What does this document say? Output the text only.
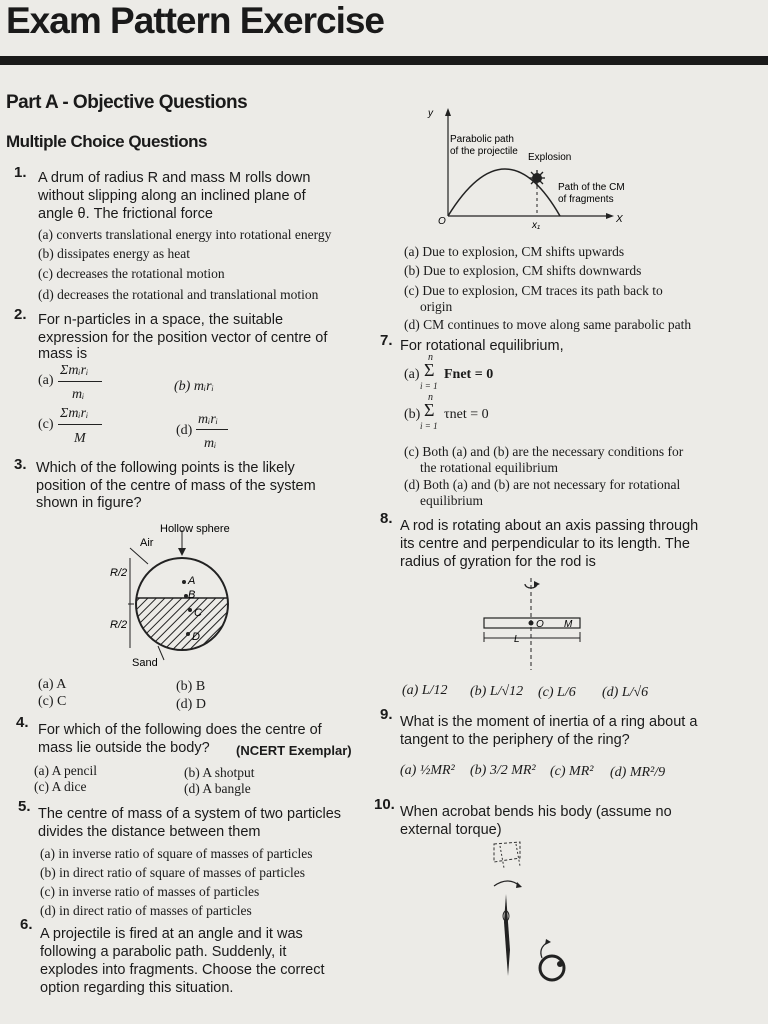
Exam Pattern Exercise
Part A - Objective Questions
Multiple Choice Questions
1. A drum of radius R and mass M rolls down
without slipping along an inclined plane of
angle θ. The frictional force
(a) converts translational energy into rotational energy
(b) dissipates energy as heat
(c) decreases the rotational motion
(d) decreases the rotational and translational motion
2. For n-particles in a space, the suitable
expression for the position vector of centre of
mass is
(a)
Σmᵢrᵢ
mᵢ
(b) mᵢrᵢ
(c)
Σmᵢrᵢ
M
(d)
mᵢrᵢ
mᵢ
3. Which of the following points is the likely
position of the centre of mass of the system
shown in figure?
Hollow sphere
Air
R/2
R/2
Sand
A
B
C
D
(a) A	(b) B
(c) C	(d) D
4. For which of the following does the centre of
mass lie outside the body? (NCERT Exemplar)
(a) A pencil	(b) A shotput
(c) A dice	(d) A bangle
5. The centre of mass of a system of two particles
divides the distance between them
(a) in inverse ratio of square of masses of particles
(b) in direct ratio of square of masses of particles
(c) in inverse ratio of masses of particles
(d) in direct ratio of masses of particles
6.
A projectile is fired at an angle and it was
following a parabolic path. Suddenly, it
explodes into fragments. Choose the correct
option regarding this situation.
y
Parabolic path
of the projectile
Explosion
Path of the CM
of fragments
O	x₁
X
(a) Due to explosion, CM shifts upwards
(b) Due to explosion, CM shifts downwards
(c) Due to explosion, CM traces its path back to
origin
(d) CM continues to move along same parabolic path
7. For rotational equilibrium,
(a)
n
Σ
i = 1
Fnet = 0
(b)
n
Σ
i = 1
τnet = 0
(c) Both (a) and (b) are the necessary conditions for
the rotational equilibrium
(d) Both (a) and (b) are not necessary for rotational
equilibrium
8. A rod is rotating about an axis passing through
its centre and perpendicular to its length. The
radius of gyration for the rod is
O M
L
(a) L/12 (b) L/√12 (c) L/6 (d) L/√6
9. What is the moment of inertia of a ring about a
tangent to the periphery of the ring?
(a) ½MR² (b) 3/2 MR² (c) MR² (d) MR²/9
10. When acrobat bends his body (assume no
external torque)
